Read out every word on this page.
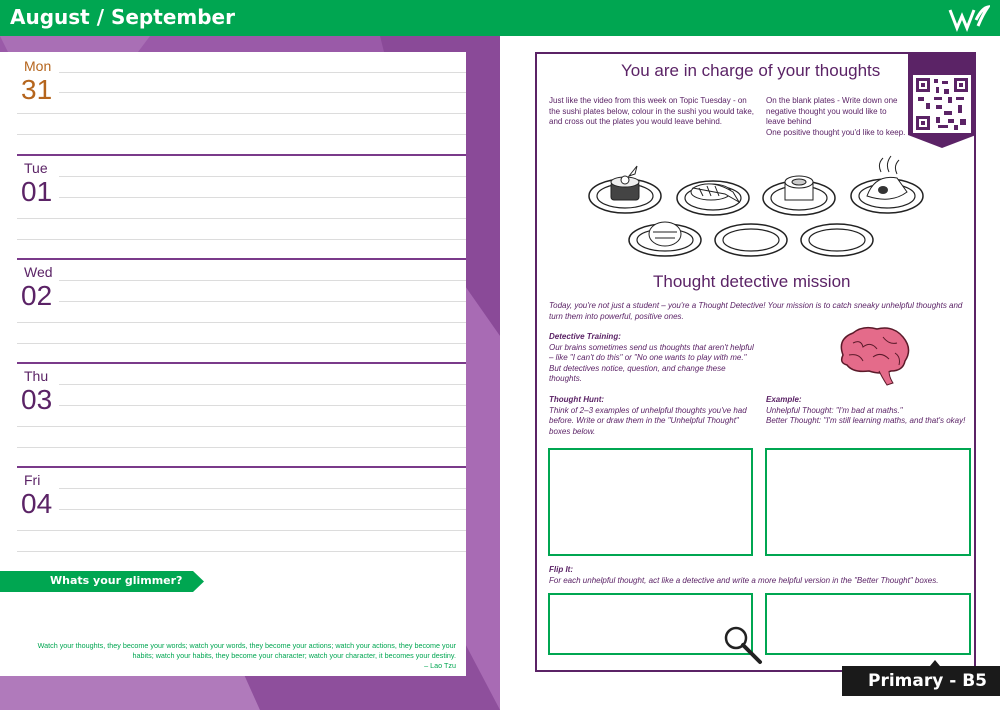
August / September
Mon
31
Tue
01
Wed
02
Thu
03
Fri
04
Whats your glimmer?
Watch your thoughts, they become your words; watch your words, they become your actions; watch your actions, they become your habits; watch your habits, they become your character; watch your character, it becomes your destiny.
– Lao Tzu
You are in charge of your thoughts
Just like the video from this week on Topic Tuesday - on the sushi plates below, colour in the sushi you would take, and cross out the plates you would leave behind.
On the blank plates - Write down one negative thought you would like to leave behind
One positive thought you'd like to keep.
Thought detective mission
Today, you're not just a student – you're a Thought Detective! Your mission is to catch sneaky unhelpful thoughts and turn them into powerful, positive ones.
Detective Training:
Our brains sometimes send us thoughts that aren't helpful – like "I can't do this" or "No one wants to play with me." But detectives notice, question, and change these thoughts.
Thought Hunt:
Think of 2–3 examples of unhelpful thoughts you've had before. Write or draw them in the "Unhelpful Thought" boxes below.
Example:
Unhelpful Thought: "I'm bad at maths."
Better Thought: "I'm still learning maths, and that's okay!
Flip It:
For each unhelpful thought, act like a detective and write a more helpful version in the "Better Thought" boxes.
Primary - B5
